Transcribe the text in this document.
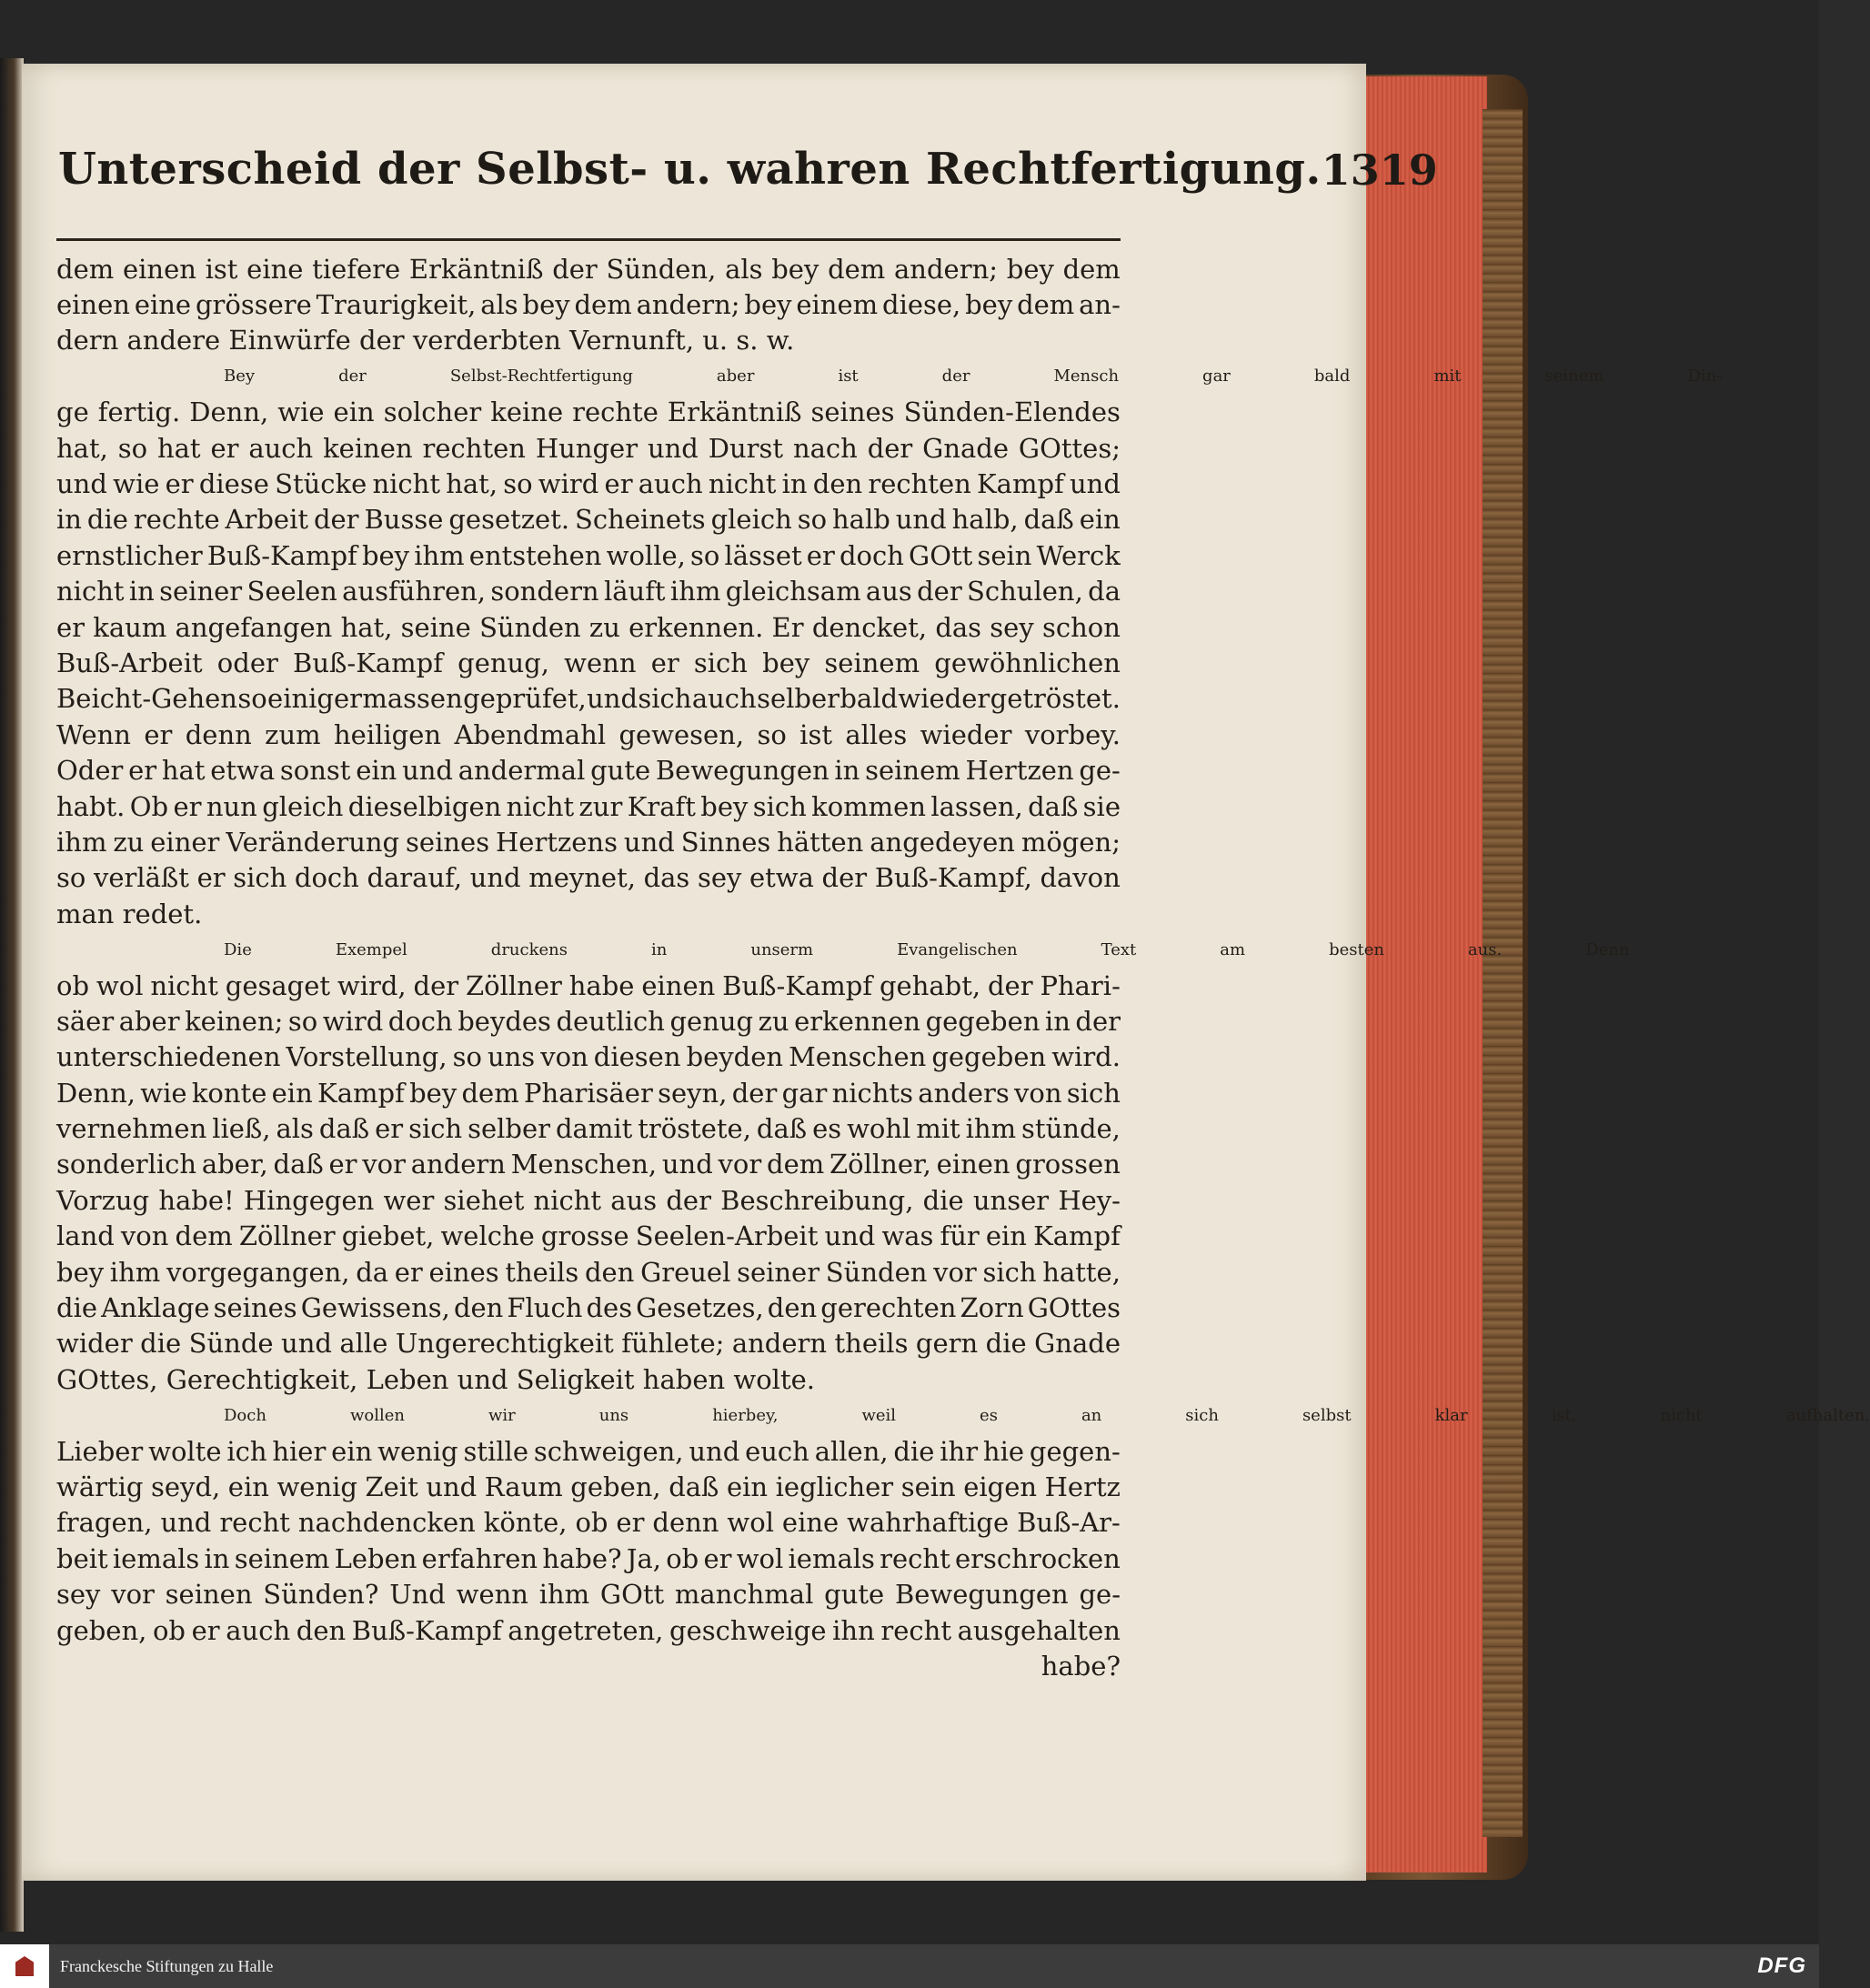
Unterscheid der Selbst- u. wahren Rechtfertigung. 1319
dem einen ist eine tiefere Erkäntniß der Sünden, als bey dem andern; bey dem
einen eine grössere Traurigkeit, als bey dem andern; bey einem diese, bey dem an-
dern andere Einwürfe der verderbten Vernunft, u. s. w.
Bey	der	Selbst-Rechtfertigung	aber	ist	der	Mensch	gar	bald	mit	seinem	Din-
ge fertig. Denn, wie ein solcher keine rechte Erkäntniß seines Sünden-Elendes
hat, so hat er auch keinen rechten Hunger und Durst nach der Gnade GOttes;
und wie er diese Stücke nicht hat, so wird er auch nicht in den rechten Kampf und
in die rechte Arbeit der Busse gesetzet. Scheinets gleich so halb und halb, daß ein
ernstlicher Buß-Kampf bey ihm entstehen wolle, so lässet er doch GOtt sein Werck
nicht in seiner Seelen ausführen, sondern läuft ihm gleichsam aus der Schulen, da
er kaum angefangen hat, seine Sünden zu erkennen. Er dencket, das sey schon
Buß-Arbeit oder Buß-Kampf genug, wenn er sich bey seinem gewöhnlichen
Beicht-Gehen so einiger massen geprüfet, und sich auch selber bald wieder getröstet.
Wenn er denn zum heiligen Abendmahl gewesen, so ist alles wieder vorbey.
Oder er hat etwa sonst ein und andermal gute Bewegungen in seinem Hertzen ge-
habt. Ob er nun gleich dieselbigen nicht zur Kraft bey sich kommen lassen, daß sie
ihm zu einer Veränderung seines Hertzens und Sinnes hätten angedeyen mögen;
so verläßt er sich doch darauf, und meynet, das sey etwa der Buß-Kampf, davon
man redet.
Die	Exempel	druckens	in	unserm	Evangelischen	Text	am	besten	aus.	Denn
ob wol nicht gesaget wird, der Zöllner habe einen Buß-Kampf gehabt, der Phari-
säer aber keinen; so wird doch beydes deutlich genug zu erkennen gegeben in der
unterschiedenen Vorstellung, so uns von diesen beyden Menschen gegeben wird.
Denn, wie konte ein Kampf bey dem Pharisäer seyn, der gar nichts anders von sich
vernehmen ließ, als daß er sich selber damit tröstete, daß es wohl mit ihm stünde,
sonderlich aber, daß er vor andern Menschen, und vor dem Zöllner, einen grossen
Vorzug habe! Hingegen wer siehet nicht aus der Beschreibung, die unser Hey-
land von dem Zöllner giebet, welche grosse Seelen-Arbeit und was für ein Kampf
bey ihm vorgegangen, da er eines theils den Greuel seiner Sünden vor sich hatte,
die Anklage seines Gewissens, den Fluch des Gesetzes, den gerechten Zorn GOttes
wider die Sünde und alle Ungerechtigkeit fühlete; andern theils gern die Gnade
GOttes, Gerechtigkeit, Leben und Seligkeit haben wolte.
Doch	wollen	wir	uns	hierbey,	weil	es	an	sich	selbst	klar	ist,	nicht	aufhalten.
Lieber wolte ich hier ein wenig stille schweigen, und euch allen, die ihr hie gegen-
wärtig seyd, ein wenig Zeit und Raum geben, daß ein ieglicher sein eigen Hertz
fragen, und recht nachdencken könte, ob er denn wol eine wahrhaftige Buß-Ar-
beit iemals in seinem Leben erfahren habe? Ja, ob er wol iemals recht erschrocken
sey vor seinen Sünden? Und wenn ihm GOtt manchmal gute Bewegungen ge-
geben, ob er auch den Buß-Kampf angetreten, geschweige ihn recht ausgehalten
habe?
Franckesche Stiftungen zu Halle	DFG
